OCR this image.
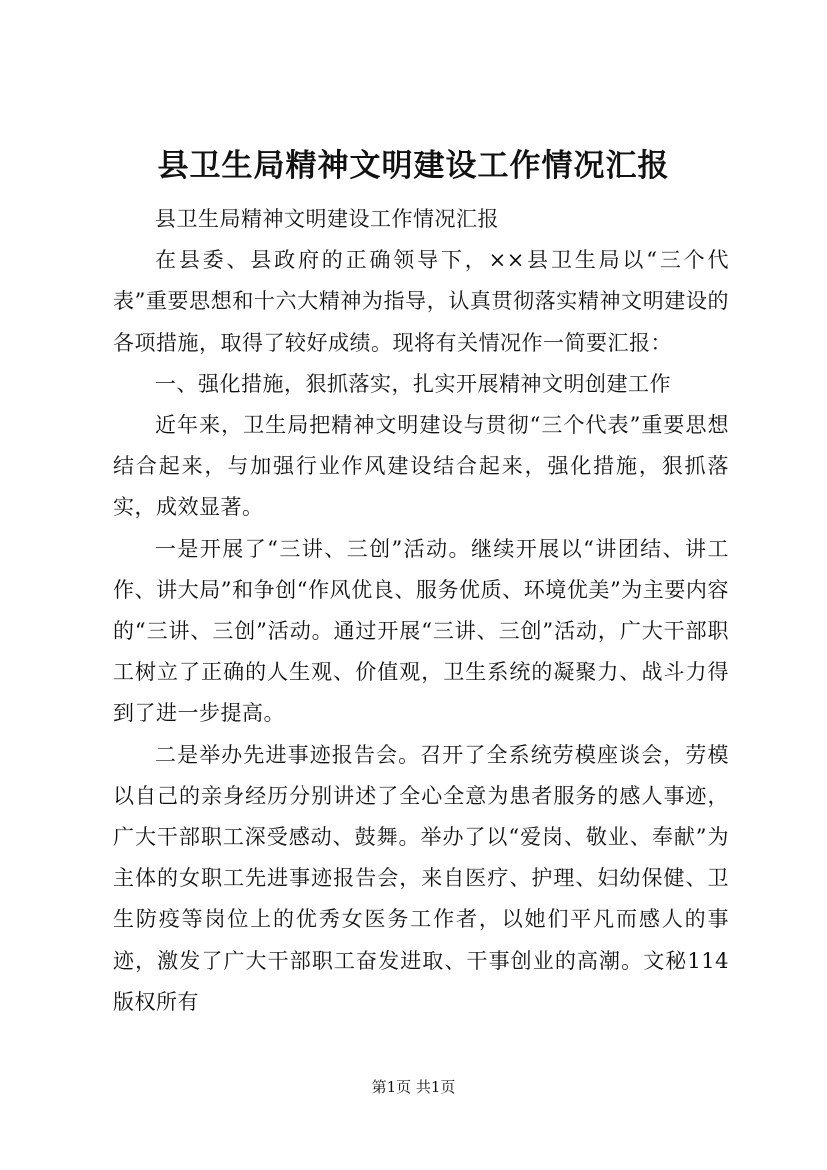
县卫生局精神文明建设工作情况汇报

县卫生局精神文明建设工作情况汇报

在县委、县政府的正确领导下，××县卫生局以“三个代表”重要思想和十六大精神为指导，认真贯彻落实精神文明建设的各项措施，取得了较好成绩。现将有关情况作一简要汇报：

一、强化措施，狠抓落实，扎实开展精神文明创建工作

近年来，卫生局把精神文明建设与贯彻“三个代表”重要思想结合起来，与加强行业作风建设结合起来，强化措施，狠抓落实，成效显著。

一是开展了“三讲、三创”活动。继续开展以“讲团结、讲工作、讲大局”和争创“作风优良、服务优质、环境优美”为主要内容的“三讲、三创”活动。通过开展“三讲、三创”活动，广大干部职工树立了正确的人生观、价值观，卫生系统的凝聚力、战斗力得到了进一步提高。

二是举办先进事迹报告会。召开了全系统劳模座谈会，劳模以自己的亲身经历分别讲述了全心全意为患者服务的感人事迹，广大干部职工深受感动、鼓舞。举办了以“爱岗、敬业、奉献”为主体的女职工先进事迹报告会，来自医疗、护理、妇幼保健、卫生防疫等岗位上的优秀女医务工作者，以她们平凡而感人的事迹，激发了广大干部职工奋发进取、干事创业的高潮。文秘114版权所有

第1页 共1页
